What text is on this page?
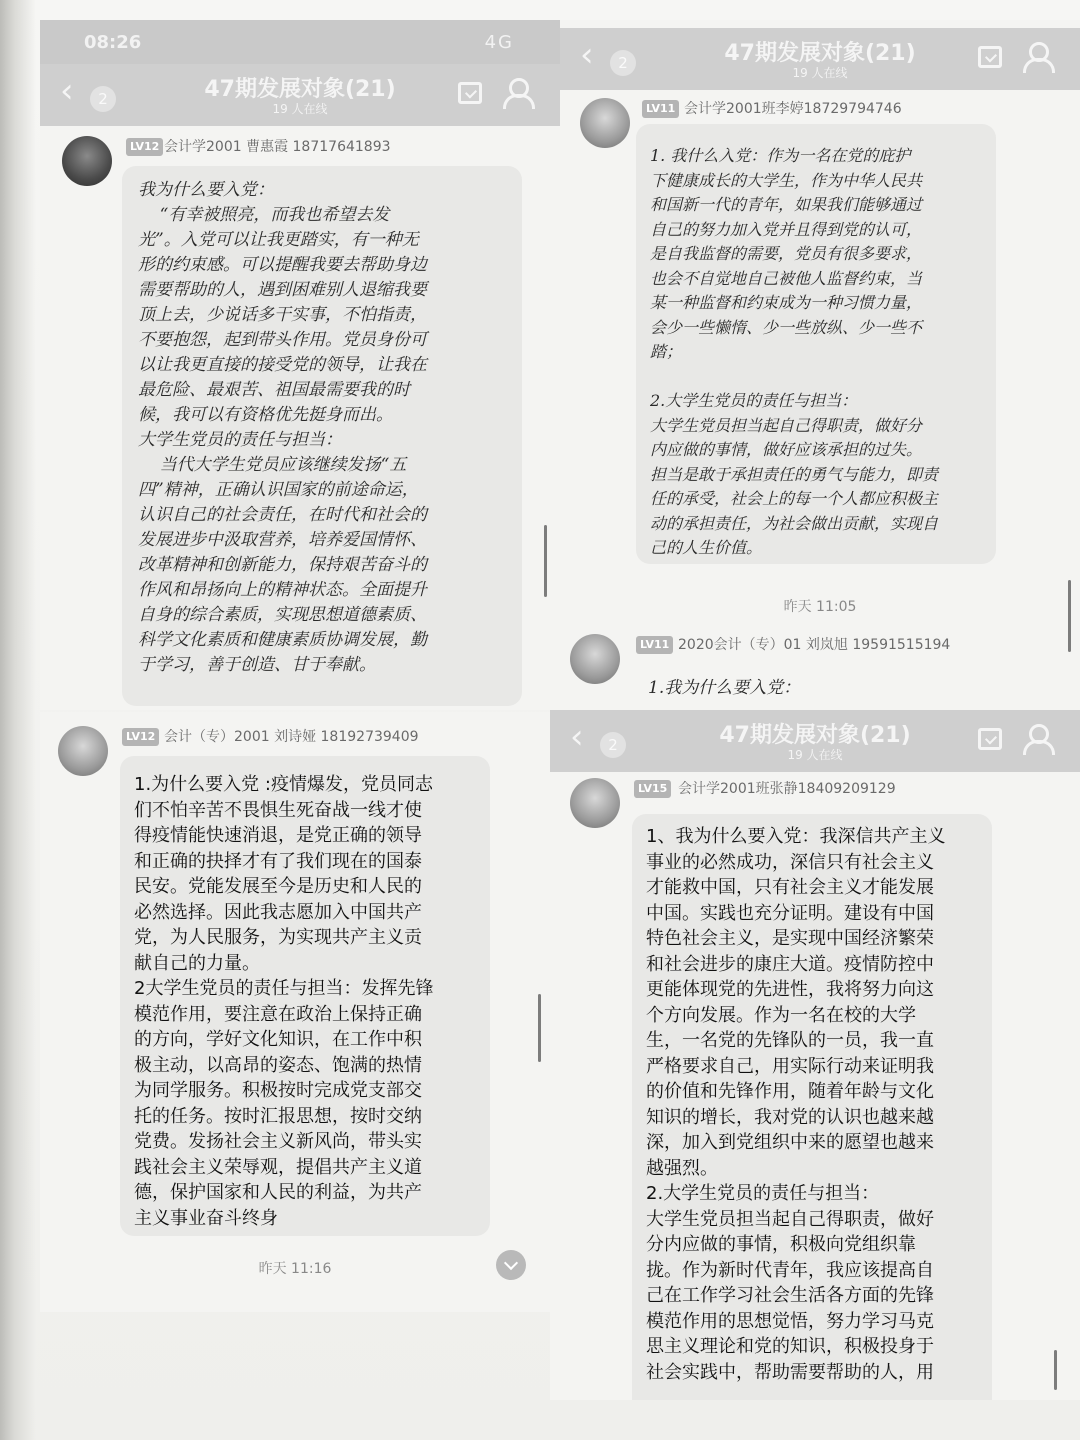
08:26	4G
‹	2	47期发展对象(21)
19 人在线
LV12 会计学2001 曹惠霞 18717641893
我为什么要入党：
“有幸被照亮，而我也希望去发
光”。入党可以让我更踏实，有一种无
形的约束感。可以提醒我要去帮助身边
需要帮助的人，遇到困难别人退缩我要
顶上去，少说话多干实事，不怕指责，
不要抱怨，起到带头作用。党员身份可
以让我更直接的接受党的领导，让我在
最危险、最艰苦、祖国最需要我的时
候，我可以有资格优先挺身而出。
大学生党员的责任与担当：
当代大学生党员应该继续发扬“五
四”精神，正确认识国家的前途命运，
认识自己的社会责任，在时代和社会的
发展进步中汲取营养，培养爱国情怀、
改革精神和创新能力，保持艰苦奋斗的
作风和昂扬向上的精神状态。全面提升
自身的综合素质，实现思想道德素质、
科学文化素质和健康素质协调发展，勤
于学习，善于创造、甘于奉献。
‹	2	47期发展对象(21)
19 人在线
LV11 会计学2001班李婷18729794746
1. 我什么入党：作为一名在党的庇护
下健康成长的大学生，作为中华人民共
和国新一代的青年，如果我们能够通过
自己的努力加入党并且得到党的认可，
是自我监督的需要，党员有很多要求，
也会不自觉地自己被他人监督约束，当
某一种监督和约束成为一种习惯力量，
会少一些懒惰、少一些放纵、少一些不
踏；

2.大学生党员的责任与担当：
大学生党员担当起自己得职责，做好分
内应做的事情，做好应该承担的过失。
担当是敢于承担责任的勇气与能力，即责
任的承受，社会上的每一个人都应积极主
动的承担责任，为社会做出贡献，实现自
己的人生价值。
昨天 11:05
LV11 2020会计（专）01 刘岚旭 19591515194
1.我为什么要入党：
LV12 会计（专）2001 刘诗娅 18192739409
1.为什么要入党 :疫情爆发，党员同志
们不怕辛苦不畏惧生死奋战一线才使
得疫情能快速消退，是党正确的领导
和正确的抉择才有了我们现在的国泰
民安。党能发展至今是历史和人民的
必然选择。因此我志愿加入中国共产
党，为人民服务，为实现共产主义贡
献自己的力量。
2大学生党员的责任与担当：发挥先锋
模范作用，要注意在政治上保持正确
的方向，学好文化知识，在工作中积
极主动，以高昂的姿态、饱满的热情
为同学服务。积极按时完成党支部交
托的任务。按时汇报思想，按时交纳
党费。发扬社会主义新风尚，带头实
践社会主义荣辱观，提倡共产主义道
德，保护国家和人民的利益，为共产
主义事业奋斗终身
昨天 11:16
‹	2	47期发展对象(21)
19 人在线
LV15 会计学2001班张静18409209129
1、我为什么要入党：我深信共产主义
事业的必然成功，深信只有社会主义
才能救中国，只有社会主义才能发展
中国。实践也充分证明。建设有中国
特色社会主义，是实现中国经济繁荣
和社会进步的康庄大道。疫情防控中
更能体现党的先进性，我将努力向这
个方向发展。作为一名在校的大学
生，一名党的先锋队的一员，我一直
严格要求自己，用实际行动来证明我
的价值和先锋作用，随着年龄与文化
知识的增长，我对党的认识也越来越
深，加入到党组织中来的愿望也越来
越强烈。
2.大学生党员的责任与担当：
大学生党员担当起自己得职责，做好
分内应做的事情，积极向党组织靠
拢。作为新时代青年，我应该提高自
己在工作学习社会生活各方面的先锋
模范作用的思想觉悟，努力学习马克
思主义理论和党的知识，积极投身于
社会实践中，帮助需要帮助的人，用
